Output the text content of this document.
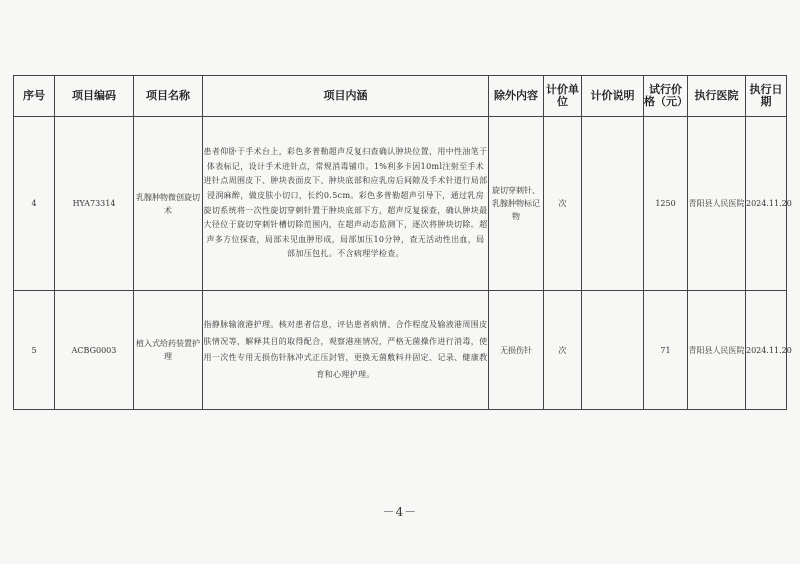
序号	项目编码	项目名称	项目内涵	除外内容	计价单位	计价说明	试行价格（元）	执行医院	执行日期
4	HYA73314	乳腺肿物微创旋切术	患者仰卧于手术台上，彩色多普勒超声反复扫查确认肿块位置，用中性油笔于体表标记，设计手术进针点，常规消毒铺巾。1%利多卡因10ml注射至手术进针点周围皮下、肿块表面皮下、肿块底部和应乳房后间隙及手术针道行局部浸润麻醉，做皮肤小切口，长约0.5cm。彩色多普勒超声引导下，通过乳房旋切系统将一次性旋切穿刺针置于肿块底部下方，超声反复探查，确认肿块最大径位于旋切穿刺针槽切除范围内，在超声动态监测下，逐次将肿块切除。超声多方位探查，局部未见血肿形成，局部加压10分钟，查无活动性出血，局部加压包扎。不含病理学检查。	旋切穿刺针、乳腺肿物标记物	次		1250	青阳县人民医院	2024.11.20
5	ACBG0003	植入式给药装置护理	指静脉输液港护理。核对患者信息，评估患者病情、合作程度及输液港周围皮肤情况等，解释其目的取得配合，观察港座情况，严格无菌操作进行消毒，使用一次性专用无损伤针脉冲式正压封管，更换无菌敷料并固定、记录、健康教育和心理护理。	无损伤针	次		71	青阳县人民医院	2024.11.20
－4－
